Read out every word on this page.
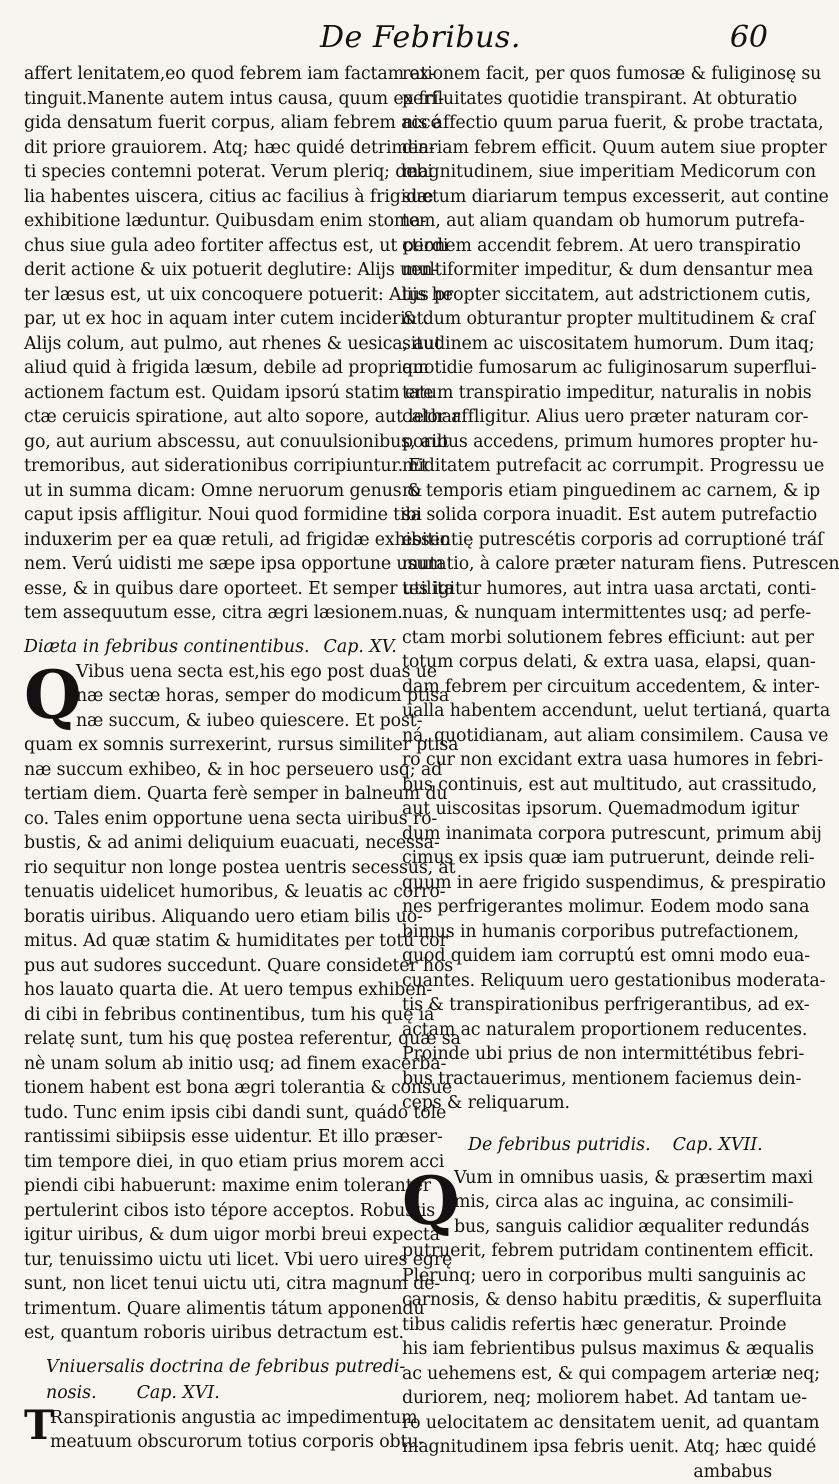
De Febribus.	60
affert lenitatem,eo quod febrem iam factam ex-
tinguit.Manente autem intus causa, quum ex fri-
gida densatum fuerit corpus, aliam febrem accé
dit priore grauiorem. Atq; hæc quidé detrimen-
ti species contemni poterat. Verum pleriq; debi
lia habentes uiscera, citius ac facilius à frigidæ
exhibitione læduntur. Quibusdam enim stoma-
chus siue gula adeo fortiter affectus est, ut perdi
derit actione & uix potuerit deglutire: Alijs uen-
ter læsus est, ut uix concoquere potuerit: Alijs he
par, ut ex hoc in aquam inter cutem inciderint.
Alijs colum, aut pulmo, aut rhenes & uesica, aut
aliud quid à frigida læsum, debile ad propriam
actionem factum est. Quidam ipsorú statim ere
ctæ ceruicis spiratione, aut alto sopore, aut lethar
go, aut aurium abscessu, aut conuulsionibus, aut
tremoribus, aut siderationibus corripiuntur. Et
ut in summa dicam: Omne neruorum genus &
caput ipsis affligitur. Noui quod formidine tibi
induxerim per ea quæ retuli, ad frigidæ exhibitio
nem. Verú uidisti me sæpe ipsa opportune usum
esse, & in quibus dare oporteet. Et semper utilita
tem assequutum esse, citra ægri læsionem.
Diæta in febribus continentibus. Cap. XV.
Q
Vibus uena secta est,his ego post duas ue
næ sectæ horas, semper do modicum ptisa
næ succum, & iubeo quiescere. Et post-
quam ex somnis surrexerint, rursus similiter ptisa
næ succum exhibeo, & in hoc perseuero usq; ad
tertiam diem. Quarta ferè semper in balneum du
co. Tales enim opportune uena secta uiribus ro-
bustis, & ad animi deliquium euacuati, necessa-
rio sequitur non longe postea uentris secessus, at
tenuatis uidelicet humoribus, & leuatis ac corro-
boratis uiribus. Aliquando uero etiam bilis uo-
mitus. Ad quæ statim & humiditates per totú cor
pus aut sudores succedunt. Quare consideter hos
hos lauato quarta die. At uero tempus exhiben-
di cibi in febribus continentibus, tum his quę iá
relatę sunt, tum his quę postea referentur, quæ sa
nè unam solum ab initio usq; ad finem exacerba-
tionem habent est bona ægri tolerantia & consue
tudo. Tunc enim ipsis cibi dandi sunt, quádo tole
rantissimi sibiipsis esse uidentur. Et illo præser-
tim tempore diei, in quo etiam prius morem acci
piendi cibi habuerunt: maxime enim toleranter
pertulerint cibos isto tépore acceptos. Robustis
igitur uiribus, & dum uigor morbi breui expecta
tur, tenuissimo uictu uti licet. Vbi uero uires egrę
sunt, non licet tenui uictu uti, citra magnum de-
trimentum. Quare alimentis tátum apponendú
est, quantum roboris uiribus detractum est.
Vniuersalis doctrina de febribus putredi-
nosis. Cap. XVI.
T
Ranspirationis angustia ac impedimentum
meatuum obscurorum totius corporis obtu-
rationem facit, per quos fumosæ & fuliginosę su
perfluitates quotidie transpirant. At obturatio
nis affectio quum parua fuerit, & probe tractata,
diariam febrem efficit. Quum autem siue propter
magnitudinem, siue imperitiam Medicorum con
suetum diariarum tempus excesserit, aut contine
tem, aut aliam quandam ob humorum putrefa-
ctionem accendit febrem. At uero transpiratio
multiformiter impeditur, & dum densantur mea
tus propter siccitatem, aut adstrictionem cutis,
& dum obturantur propter multitudinem & craſ
situdinem ac uiscositatem humorum. Dum itaq;
quotidie fumosarum ac fuliginosarum superflui-
tatum transpiratio impeditur, naturalis in nobis
calor affligitur. Alius uero præter naturam cor-
poribus accedens, primum humores propter hu-
miditatem putrefacit ac corrumpit. Progressu ue
ro temporis etiam pinguedinem ac carnem, & ip
sa solida corpora inuadit. Est autem putrefactio
essentię putrescétis corporis ad corruptioné tráſ
mutatio, à calore præter naturam fiens. Putrescen
tes igitur humores, aut intra uasa arctati, conti-
nuas, & nunquam intermittentes usq; ad perfe-
ctam morbi solutionem febres efficiunt: aut per
totum corpus delati, & extra uasa, elapsi, quan-
dam febrem per circuitum accedentem, & inter-
ualla habentem accendunt, uelut tertianá, quarta
ná, quotidianam, aut aliam consimilem. Causa ve
ro cur non excidant extra uasa humores in febri-
bus continuis, est aut multitudo, aut crassitudo,
aut uiscositas ipsorum. Quemadmodum igitur
dum inanimata corpora putrescunt, primum abij
cimus ex ipsis quæ iam putruerunt, deinde reli-
quum in aere frigido suspendimus, & prespiratio
nes perfrigerantes molimur. Eodem modo sana
bimus in humanis corporibus putrefactionem,
quod quidem iam corruptú est omni modo eua-
cuantes. Reliquum uero gestationibus moderata-
tis & transpirationibus perfrigerantibus, ad ex-
actam ac naturalem proportionem reducentes.
Proinde ubi prius de non intermittétibus febri-
bus tractauerimus, mentionem faciemus dein-
ceps & reliquarum.
De febribus putridis. Cap. XVII.
Q
Vum in omnibus uasis, & præsertim maxi
mis, circa alas ac inguina, ac consimili-
bus, sanguis calidior æqualiter redundás
putruerit, febrem putridam continentem efficit.
Plerunq; uero in corporibus multi sanguinis ac
carnosis, & denso habitu præditis, & superfluita
tibus calidis refertis hæc generatur. Proinde
his iam febrientibus pulsus maximus & æqualis
ac uehemens est, & qui compagem arteriæ neq;
duriorem, neq; moliorem habet. Ad tantam ue-
ro uelocitatem ac densitatem uenit, ad quantam
magnitudinem ipsa febris uenit. Atq; hæc quidé
ambabus
